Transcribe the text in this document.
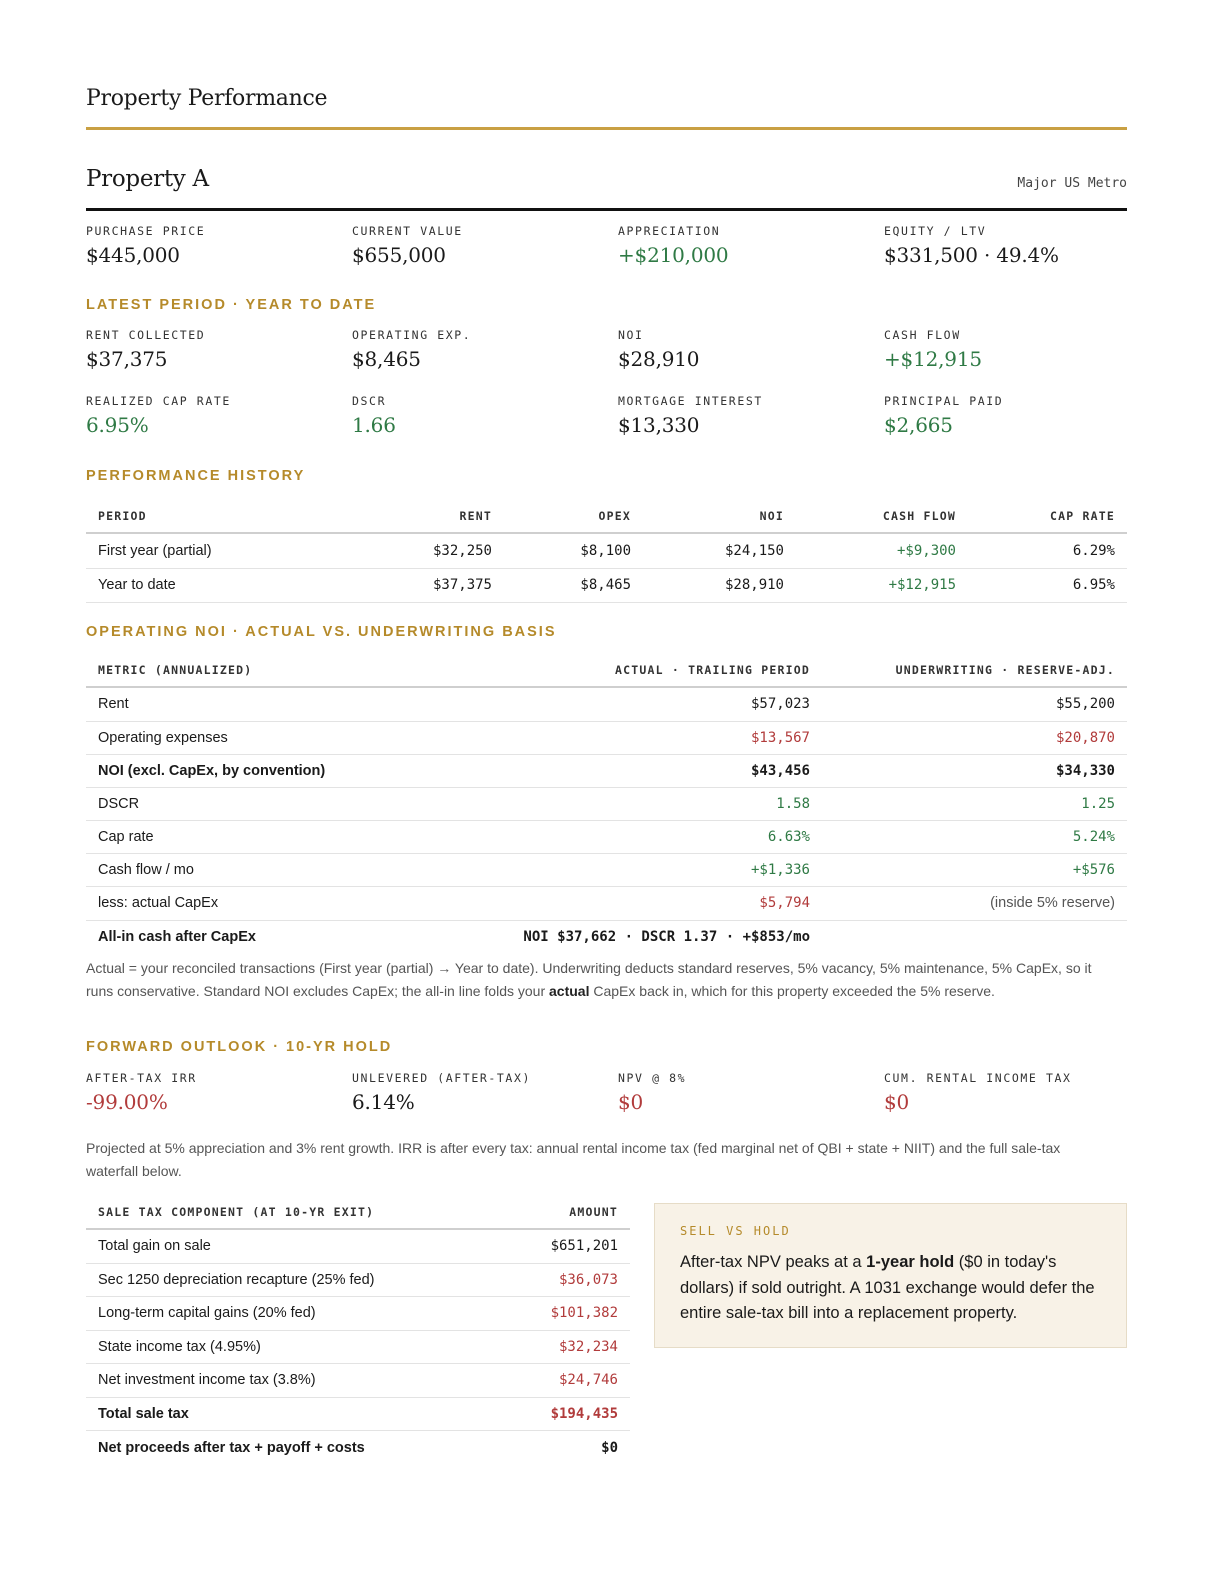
Property Performance
Property A	Major US Metro
PURCHASE PRICE
$445,000
CURRENT VALUE
$655,000
APPRECIATION
+$210,000
EQUITY / LTV
$331,500 · 49.4%
LATEST PERIOD · YEAR TO DATE
RENT COLLECTED
$37,375
OPERATING EXP.
$8,465
NOI
$28,910
CASH FLOW
+$12,915
REALIZED CAP RATE
6.95%
DSCR
1.66
MORTGAGE INTEREST
$13,330
PRINCIPAL PAID
$2,665
PERFORMANCE HISTORY
PERIOD	RENT	OPEX	NOI	CASH FLOW	CAP RATE
First year (partial)	$32,250	$8,100	$24,150	+$9,300	6.29%
Year to date	$37,375	$8,465	$28,910	+$12,915	6.95%
OPERATING NOI · ACTUAL VS. UNDERWRITING BASIS
METRIC (ANNUALIZED)	ACTUAL · TRAILING PERIOD	UNDERWRITING · RESERVE-ADJ.
Rent	$57,023	$55,200
Operating expenses	$13,567	$20,870
NOI (excl. CapEx, by convention)	$43,456	$34,330
DSCR	1.58	1.25
Cap rate	6.63%	5.24%
Cash flow / mo	+$1,336	+$576
less: actual CapEx	$5,794	(inside 5% reserve)
All-in cash after CapEx	NOI $37,662 · DSCR 1.37 · +$853/mo	
Actual = your reconciled transactions (First year (partial) → Year to date). Underwriting deducts standard reserves, 5% vacancy, 5% maintenance, 5% CapEx, so it runs conservative. Standard NOI excludes CapEx; the all-in line folds your actual CapEx back in, which for this property exceeded the 5% reserve.
FORWARD OUTLOOK · 10-YR HOLD
AFTER-TAX IRR
-99.00%
UNLEVERED (AFTER-TAX)
6.14%
NPV @ 8%
$0
CUM. RENTAL INCOME TAX
$0
Projected at 5% appreciation and 3% rent growth. IRR is after every tax: annual rental income tax (fed marginal net of QBI + state + NIIT) and the full sale-tax waterfall below.
SALE TAX COMPONENT (AT 10-YR EXIT)	AMOUNT
Total gain on sale	$651,201
Sec 1250 depreciation recapture (25% fed)	$36,073
Long-term capital gains (20% fed)	$101,382
State income tax (4.95%)	$32,234
Net investment income tax (3.8%)	$24,746
Total sale tax	$194,435
Net proceeds after tax + payoff + costs	$0
SELL VS HOLD
After-tax NPV peaks at a 1-year hold ($0 in today's dollars) if sold outright. A 1031 exchange would defer the entire sale-tax bill into a replacement property.
